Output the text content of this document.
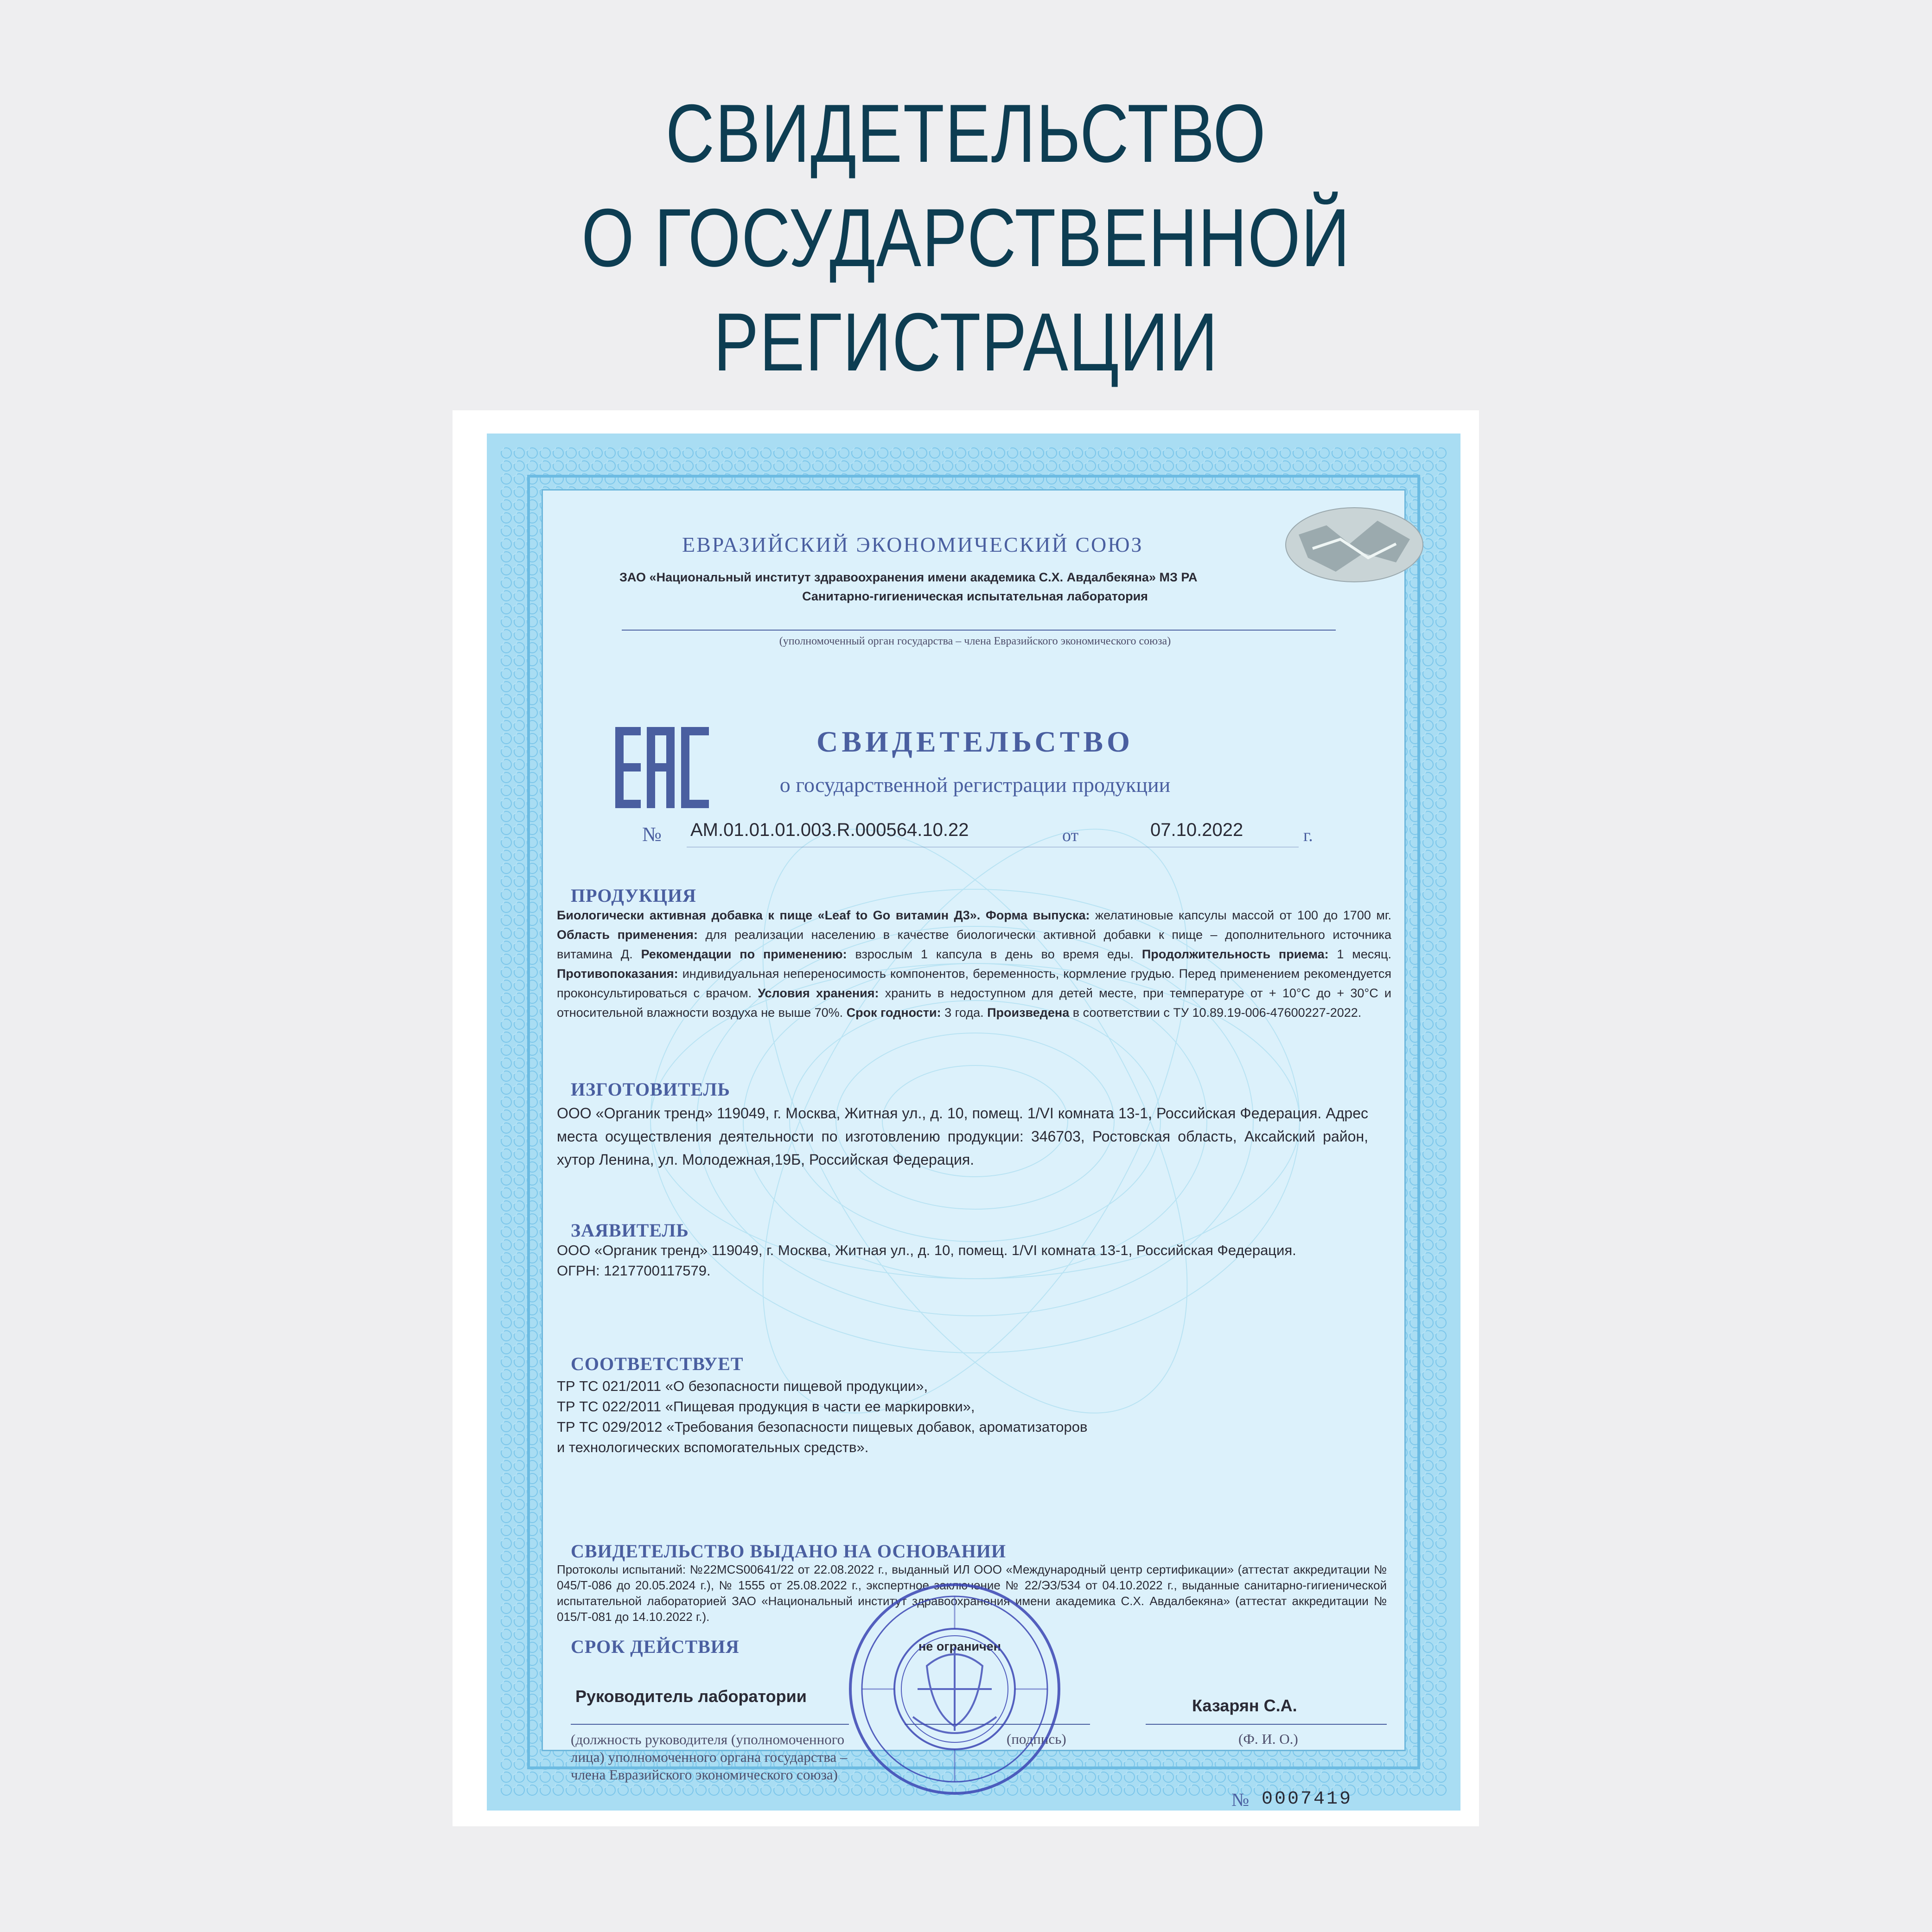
СВИДЕТЕЛЬСТВО
О ГОСУДАРСТВЕННОЙ
РЕГИСТРАЦИИ
ЕВРАЗИЙСКИЙ ЭКОНОМИЧЕСКИЙ СОЮЗ
ЗАО «Национальный институт здравоохранения имени академика С.Х. Авдалбекяна» МЗ РА
Санитарно-гигиеническая испытательная лаборатория
(уполномоченный орган государства – члена Евразийского экономического союза)
СВИДЕТЕЛЬСТВО
о государственной регистрации продукции
№ AM.01.01.01.003.R.000564.10.22	от	07.10.2022	г.
ПРОДУКЦИЯ
Биологически активная добавка к пище «Leaf to Go витамин Д3». Форма выпуска: желатиновые капсулы массой от 100 до 1700 мг. Область применения: для реализации населению в качестве биологически активной добавки к пище – дополнительного источника витамина Д. Рекомендации по применению: взрослым 1 капсула в день во время еды. Продолжительность приема: 1 месяц. Противопоказания: индивидуальная непереносимость компонентов, беременность, кормление грудью. Перед применением рекомендуется проконсультироваться с врачом. Условия хранения: хранить в недоступном для детей месте, при температуре от + 10°С до + 30°С и относительной влажности воздуха не выше 70%. Срок годности: 3 года. Произведена в соответствии с ТУ 10.89.19-006-47600227-2022.
ИЗГОТОВИТЕЛЬ
ООО «Органик тренд» 119049, г. Москва, Житная ул., д. 10, помещ. 1/VI комната 13-1, Российская Федерация. Адрес места осуществления деятельности по изготовлению продукции: 346703, Ростовская область, Аксайский район, хутор Ленина, ул. Молодежная,19Б, Российская Федерация.
ЗАЯВИТЕЛЬ
ООО «Органик тренд» 119049, г. Москва, Житная ул., д. 10, помещ. 1/VI комната 13-1, Российская Федерация.
ОГРН: 1217700117579.
СООТВЕТСТВУЕТ
ТР ТС 021/2011 «О безопасности пищевой продукции»,
ТР ТС 022/2011 «Пищевая продукция в части ее маркировки»,
ТР ТС 029/2012 «Требования безопасности пищевых добавок, ароматизаторов
и технологических вспомогательных средств».
СВИДЕТЕЛЬСТВО ВЫДАНО НА ОСНОВАНИИ
Протоколы испытаний: №22MCS00641/22 от 22.08.2022 г., выданный ИЛ ООО «Международный центр сертификации» (аттестат аккредитации № 045/Т-086 до 20.05.2024 г.), № 1555 от 25.08.2022 г., экспертное заключение № 22/ЭЗ/534 от 04.10.2022 г., выданные санитарно-гигиенической испытательной лабораторией ЗАО «Национальный институт здравоохранения имени академика С.Х. Авдалбекяна» (аттестат аккредитации № 015/Т-081 до 14.10.2022 г.).
СРОК ДЕЙСТВИЯ	не ограничен
Руководитель лаборатории	Казарян С.А.
(должность руководителя (уполномоченного лица) уполномоченного органа государства – члена Евразийского экономического союза)
(подпись)	(Ф. И. О.)
№ 0007419
